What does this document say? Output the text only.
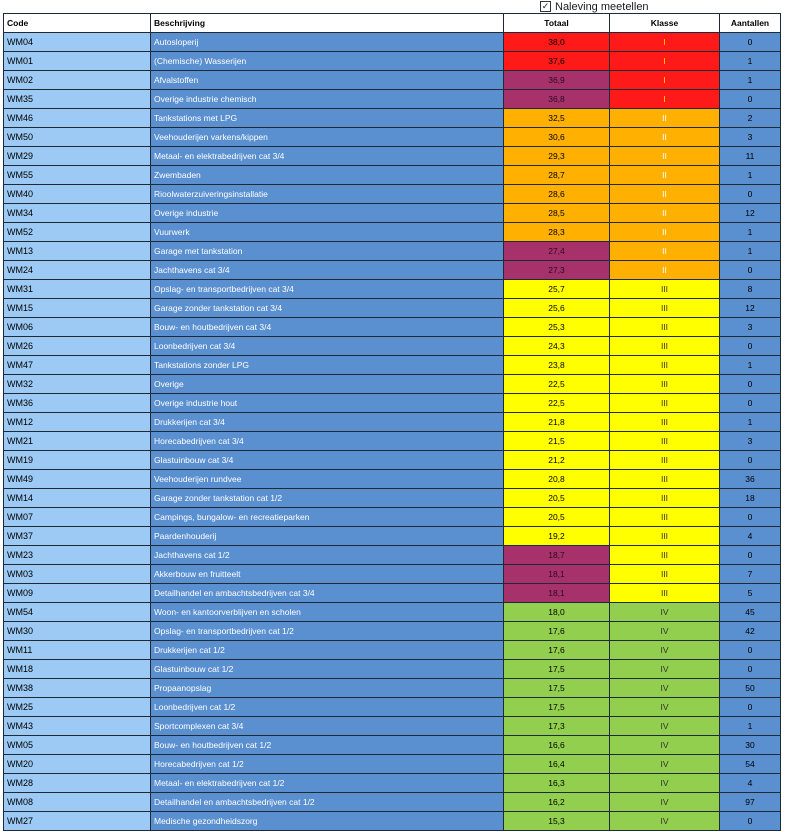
✓ Naleving meetellen
Code	Beschrijving	Totaal	Klasse	Aantallen
WM04	Autosloperij	38,0	I	0
WM01	(Chemische) Wasserijen	37,6	I	1
WM02	Afvalstoffen	36,9	I	1
WM35	Overige industrie chemisch	36,8	I	0
WM46	Tankstations met LPG	32,5	II	2
WM50	Veehouderijen varkens/kippen	30,6	II	3
WM29	Metaal- en elektrabedrijven cat 3/4	29,3	II	11
WM55	Zwembaden	28,7	II	1
WM40	Rioolwaterzuiveringsinstallatie	28,6	II	0
WM34	Overige industrie	28,5	II	12
WM52	Vuurwerk	28,3	II	1
WM13	Garage met tankstation	27,4	II	1
WM24	Jachthavens cat 3/4	27,3	II	0
WM31	Opslag- en transportbedrijven cat 3/4	25,7	III	8
WM15	Garage zonder tankstation cat 3/4	25,6	III	12
WM06	Bouw- en houtbedrijven cat 3/4	25,3	III	3
WM26	Loonbedrijven cat 3/4	24,3	III	0
WM47	Tankstations zonder LPG	23,8	III	1
WM32	Overige	22,5	III	0
WM36	Overige industrie hout	22,5	III	0
WM12	Drukkerijen cat 3/4	21,8	III	1
WM21	Horecabedrijven cat 3/4	21,5	III	3
WM19	Glastuinbouw cat 3/4	21,2	III	0
WM49	Veehouderijen rundvee	20,8	III	36
WM14	Garage zonder tankstation cat 1/2	20,5	III	18
WM07	Campings, bungalow- en recreatieparken	20,5	III	0
WM37	Paardenhouderij	19,2	III	4
WM23	Jachthavens cat 1/2	18,7	III	0
WM03	Akkerbouw en fruitteelt	18,1	III	7
WM09	Detailhandel en ambachtsbedrijven cat 3/4	18,1	III	5
WM54	Woon- en kantoorverblijven en scholen	18,0	IV	45
WM30	Opslag- en transportbedrijven cat 1/2	17,6	IV	42
WM11	Drukkerijen cat 1/2	17,6	IV	0
WM18	Glastuinbouw cat 1/2	17,5	IV	0
WM38	Propaanopslag	17,5	IV	50
WM25	Loonbedrijven cat 1/2	17,5	IV	0
WM43	Sportcomplexen cat 3/4	17,3	IV	1
WM05	Bouw- en houtbedrijven cat 1/2	16,6	IV	30
WM20	Horecabedrijven cat 1/2	16,4	IV	54
WM28	Metaal- en elektrabedrijven cat 1/2	16,3	IV	4
WM08	Detailhandel en ambachtsbedrijven cat 1/2	16,2	IV	97
WM27	Medische gezondheidszorg	15,3	IV	0
